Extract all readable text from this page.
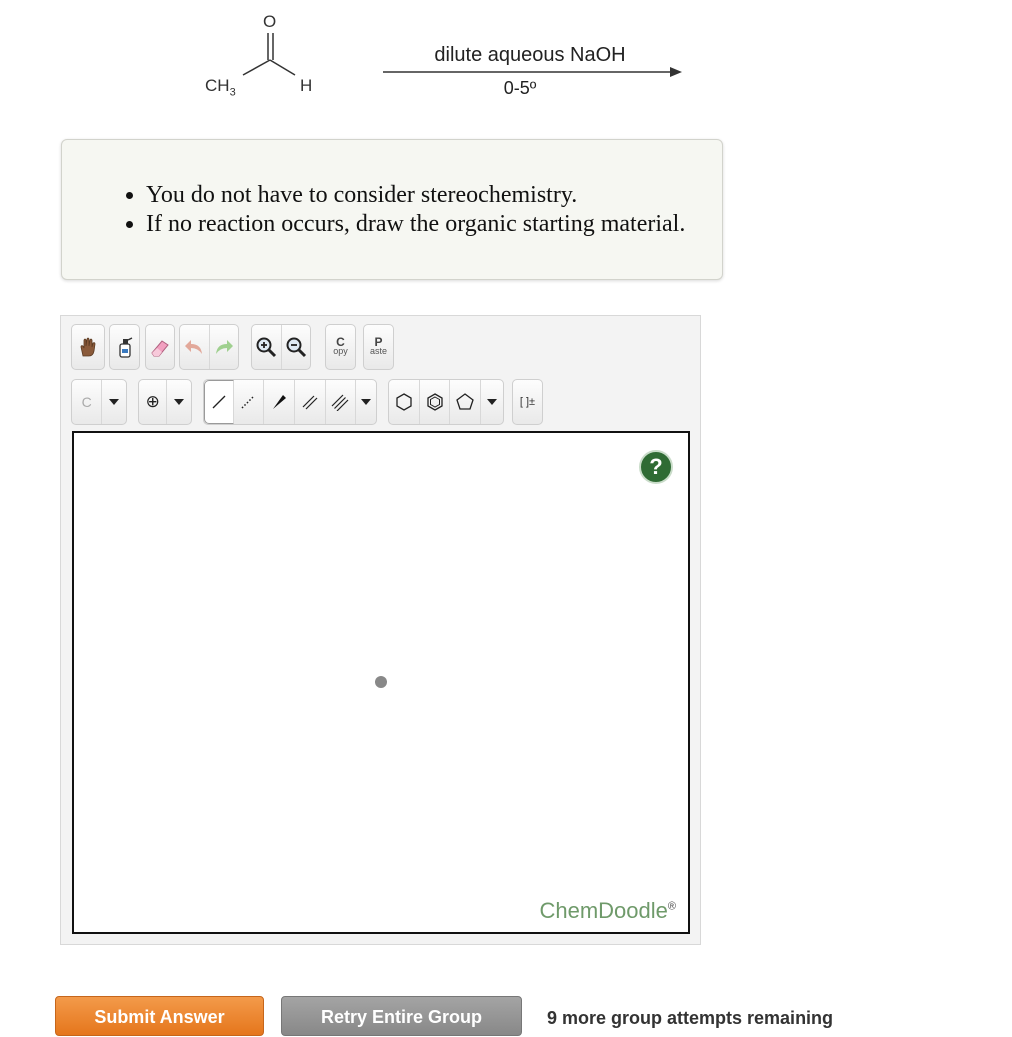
O
$CH_3$	H
dilute aqueous NaOH
0-5º
• You do not have to consider stereochemistry.
• If no reaction occurs, draw the organic starting material.
C
opy
P
aste
C	⊕	[ ]±
?
ChemDoodle®
Submit Answer	Retry Entire Group	9 more group attempts remaining
